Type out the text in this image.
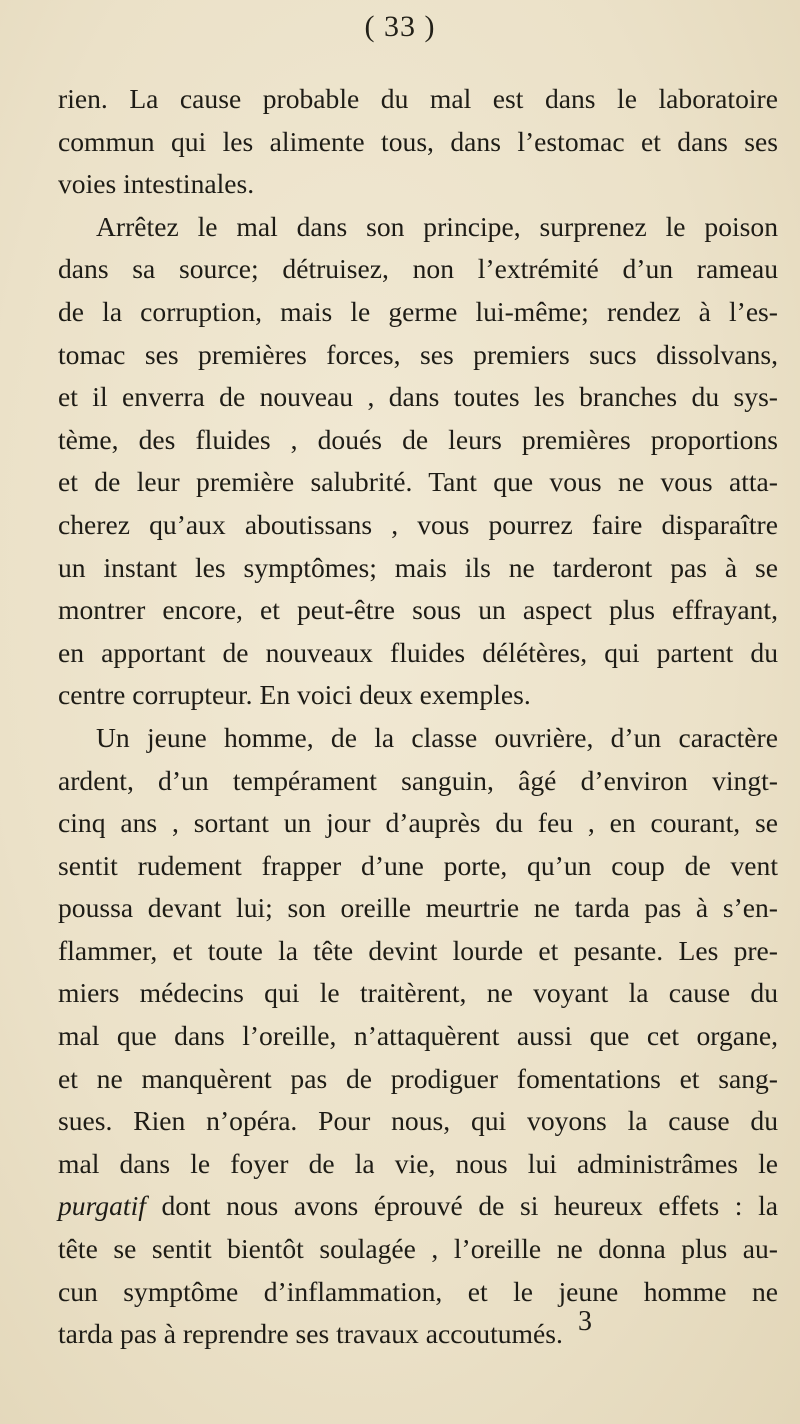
( 33 )
rien. La cause probable du mal est dans le laboratoire
commun qui les alimente tous, dans l’estomac et dans ses
voies intestinales.
Arrêtez le mal dans son principe, surprenez le poison
dans sa source; détruisez, non l’extrémité d’un rameau
de la corruption, mais le germe lui-même; rendez à l’es-
tomac ses premières forces, ses premiers sucs dissolvans,
et il enverra de nouveau , dans toutes les branches du sys-
tème, des fluides , doués de leurs premières proportions
et de leur première salubrité. Tant que vous ne vous atta-
cherez qu’aux aboutissans , vous pourrez faire disparaître
un instant les symptômes; mais ils ne tarderont pas à se
montrer encore, et peut-être sous un aspect plus effrayant,
en apportant de nouveaux fluides délétères, qui partent du
centre corrupteur. En voici deux exemples.
Un jeune homme, de la classe ouvrière, d’un caractère
ardent, d’un tempérament sanguin, âgé d’environ vingt-
cinq ans , sortant un jour d’auprès du feu , en courant, se
sentit rudement frapper d’une porte, qu’un coup de vent
poussa devant lui; son oreille meurtrie ne tarda pas à s’en-
flammer, et toute la tête devint lourde et pesante. Les pre-
miers médecins qui le traitèrent, ne voyant la cause du
mal que dans l’oreille, n’attaquèrent aussi que cet organe,
et ne manquèrent pas de prodiguer fomentations et sang-
sues. Rien n’opéra. Pour nous, qui voyons la cause du
mal dans le foyer de la vie, nous lui administrâmes le
purgatif dont nous avons éprouvé de si heureux effets : la
tête se sentit bientôt soulagée , l’oreille ne donna plus au-
cun symptôme d’inflammation, et le jeune homme ne
tarda pas à reprendre ses travaux accoutumés. 3
